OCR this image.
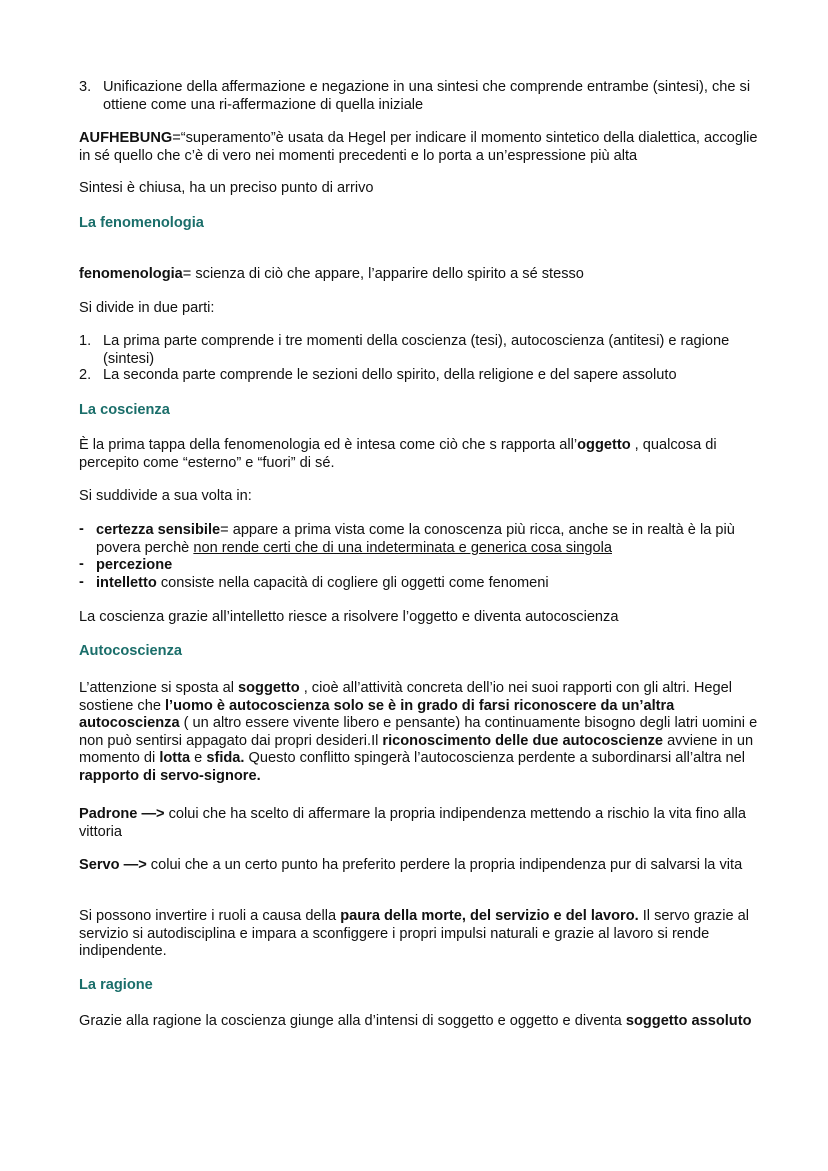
3. Unificazione della affermazione e negazione in una sintesi che comprende entrambe (sintesi), che si ottiene come una ri-affermazione di quella iniziale

AUFHEBUNG=“superamento”è usata da Hegel per indicare il momento sintetico della dialettica, accoglie in sé quello che c’è di vero nei momenti precedenti e lo porta a un’espressione più alta

Sintesi è chiusa, ha un preciso punto di arrivo

La fenomenologia

fenomenologia= scienza di ciò che appare, l’apparire dello spirito a sé stesso

Si divide in due parti:

1. La prima parte comprende i tre momenti della coscienza (tesi), autocoscienza (antitesi) e ragione (sintesi)
2. La seconda parte comprende le sezioni dello spirito, della religione e del sapere assoluto

La coscienza

È la prima tappa della fenomenologia ed è intesa come ciò che s rapporta all’oggetto , qualcosa di percepito come “esterno” e “fuori” di sé.

Si suddivide a sua volta in:

- certezza sensibile= appare a prima vista come la conoscenza più ricca, anche se in realtà è la più povera perchè non rende certi che di una indeterminata e generica cosa singola
- percezione
- intelletto consiste nella capacità di cogliere gli oggetti come fenomeni

La coscienza grazie all’intelletto riesce a risolvere l’oggetto e diventa autocoscienza

Autocoscienza

L’attenzione si sposta al soggetto , cioè all’attività concreta dell’io nei suoi rapporti con gli altri. Hegel sostiene che l’uomo è autocoscienza solo se è in grado di farsi riconoscere da un’altra autocoscienza ( un altro essere vivente libero e pensante) ha continuamente bisogno degli latri uomini e non può sentirsi appagato dai propri desideri.Il riconoscimento delle due autocoscienze avviene in un momento di lotta e sfida. Questo conflitto spingerà l’autocoscienza perdente a subordinarsi all’altra nel rapporto di servo-signore.

Padrone —> colui che ha scelto di affermare la propria indipendenza mettendo a rischio la vita fino alla vittoria

Servo —> colui che a un certo punto ha preferito perdere la propria indipendenza pur di salvarsi la vita

Si possono invertire i ruoli a causa della paura della morte, del servizio e del lavoro. Il servo grazie al servizio si autodisciplina e impara a sconfiggere i propri impulsi naturali e grazie al lavoro si rende indipendente.

La ragione

Grazie alla ragione la coscienza giunge alla d’intensi di soggetto e oggetto e diventa soggetto assoluto
